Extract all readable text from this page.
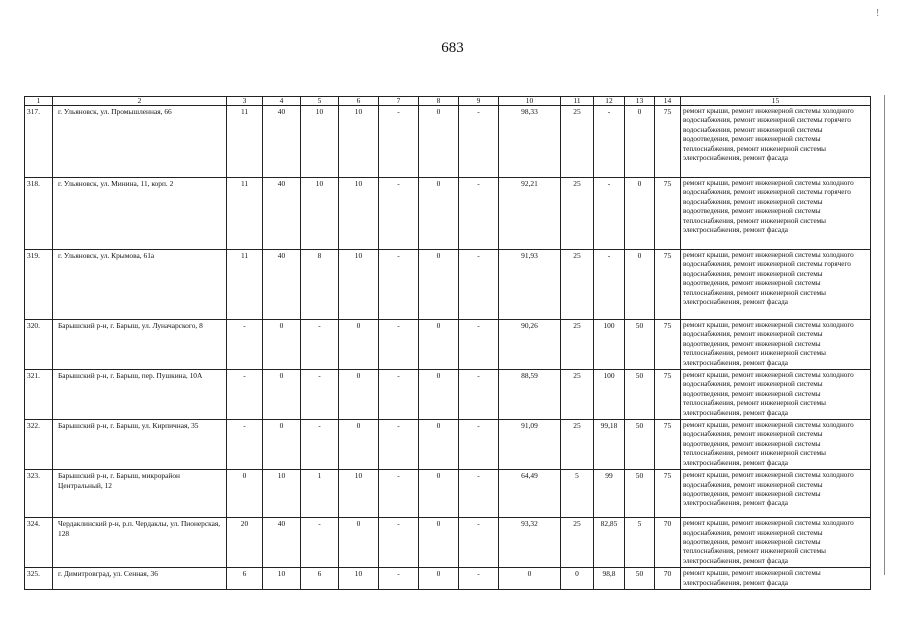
683
!
1	2	3	4	5	6	7	8	9	10	11	12	13	14	15
317.	г. Ульяновск, ул. Промышленная, 66	11	40	10	10	-	0	-	98,33	25	-	0	75	ремонт крыши, ремонт инженерной системы холодного водоснабжения, ремонт инженерной системы горячего водоснабжения, ремонт инженерной системы водоотведения, ремонт инженерной системы теплоснабжения, ремонт инженерной системы электроснабжения, ремонт фасада
318.	г. Ульяновск, ул. Минина, 11, корп. 2	11	40	10	10	-	0	-	92,21	25	-	0	75	ремонт крыши, ремонт инженерной системы холодного водоснабжения, ремонт инженерной системы горячего водоснабжения, ремонт инженерной системы водоотведения, ремонт инженерной системы теплоснабжения, ремонт инженерной системы электроснабжения, ремонт фасада
319.	г. Ульяновск, ул. Крымова, 61а	11	40	8	10	-	0	-	91,93	25	-	0	75	ремонт крыши, ремонт инженерной системы холодного водоснабжения, ремонт инженерной системы горячего водоснабжения, ремонт инженерной системы водоотведения, ремонт инженерной системы теплоснабжения, ремонт инженерной системы электроснабжения, ремонт фасада
320.	Барышский р-н, г. Барыш, ул. Луначарского, 8	-	0	-	0	-	0	-	90,26	25	100	50	75	ремонт крыши, ремонт инженерной системы холодного водоснабжения, ремонт инженерной системы водоотведения, ремонт инженерной системы теплоснабжения, ремонт инженерной системы электроснабжения, ремонт фасада
321.	Барышский р-н, г. Барыш, пер. Пушкина, 10А	-	0	-	0	-	0	-	88,59	25	100	50	75	ремонт крыши, ремонт инженерной системы холодного водоснабжения, ремонт инженерной системы водоотведения, ремонт инженерной системы теплоснабжения, ремонт инженерной системы электроснабжения, ремонт фасада
322.	Барышский р-н, г. Барыш, ул. Кирпичная, 35	-	0	-	0	-	0	-	91,09	25	99,18	50	75	ремонт крыши, ремонт инженерной системы холодного водоснабжения, ремонт инженерной системы водоотведения, ремонт инженерной системы теплоснабжения, ремонт инженерной системы электроснабжения, ремонт фасада
323.	Барышский р-н, г. Барыш, микрорайон Центральный, 12	0	10	1	10	-	0	-	64,49	5	99	50	75	ремонт крыши, ремонт инженерной системы холодного водоснабжения, ремонт инженерной системы водоотведения, ремонт инженерной системы электроснабжения, ремонт фасада
324.	Чердаклинский р-н, р.п. Чердаклы, ул. Пионерская, 128	20	40	-	0	-	0	-	93,32	25	82,85	5	70	ремонт крыши, ремонт инженерной системы холодного водоснабжения, ремонт инженерной системы водоотведения, ремонт инженерной системы теплоснабжения, ремонт инженерной системы электроснабжения, ремонт фасада
325.	г. Димитровград, ул. Сенная, 36	6	10	6	10	-	0	-	0	0	98,8	50	70	ремонт крыши, ремонт инженерной системы электроснабжения, ремонт фасада
